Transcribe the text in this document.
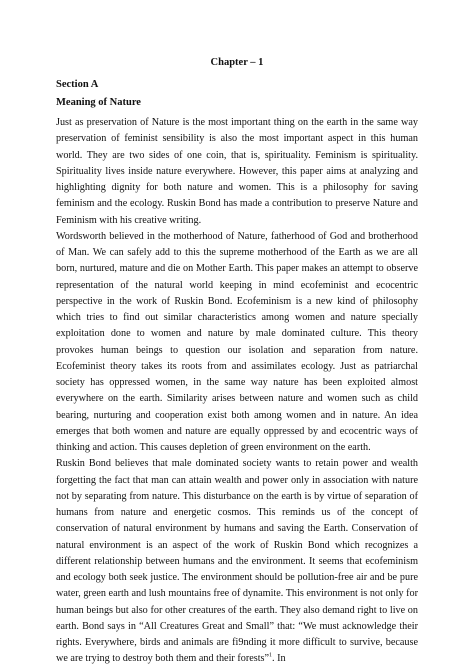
Chapter – 1
Section A
Meaning of Nature

Just as preservation of Nature is the most important thing on the earth in the same way preservation of feminist sensibility is also the most important aspect in this human world. They are two sides of one coin, that is, spirituality. Feminism is spirituality. Spirituality lives inside nature everywhere. However, this paper aims at analyzing and highlighting dignity for both nature and women. This is a philosophy for saving feminism and the ecology. Ruskin Bond has made a contribution to preserve Nature and Feminism with his creative writing.

Wordsworth believed in the motherhood of Nature, fatherhood of God and brotherhood of Man. We can safely add to this the supreme motherhood of the Earth as we are all born, nurtured, mature and die on Mother Earth. This paper makes an attempt to observe representation of the natural world keeping in mind ecofeminist and ecocentric perspective in the work of Ruskin Bond. Ecofeminism is a new kind of philosophy which tries to find out similar characteristics among women and nature specially exploitation done to women and nature by male dominated culture. This theory provokes human beings to question our isolation and separation from nature. Ecofeminist theory takes its roots from and assimilates ecology. Just as patriarchal society has oppressed women, in the same way nature has been exploited almost everywhere on the earth. Similarity arises between nature and women such as child bearing, nurturing and cooperation exist both among women and in nature. An idea emerges that both women and nature are equally oppressed by and ecocentric ways of thinking and action. This causes depletion of green environment on the earth.

Ruskin Bond believes that male dominated society wants to retain power and wealth forgetting the fact that man can attain wealth and power only in association with nature not by separating from nature. This disturbance on the earth is by virtue of separation of humans from nature and energetic cosmos. This reminds us of the concept of conservation of natural environment by humans and saving the Earth. Conservation of natural environment is an aspect of the work of Ruskin Bond which recognizes a different relationship between humans and the environment. It seems that ecofeminism and ecology both seek justice. The environment should be pollution-free air and be pure water, green earth and lush mountains free of dynamite. This environment is not only for human beings but also for other creatures of the earth. They also demand right to live on earth. Bond says in “All Creatures Great and Small” that: “We must acknowledge their rights. Everywhere, birds and animals are fi9nding it more difficult to survive, because we are trying to destroy both them and their forests”$^1$. In
